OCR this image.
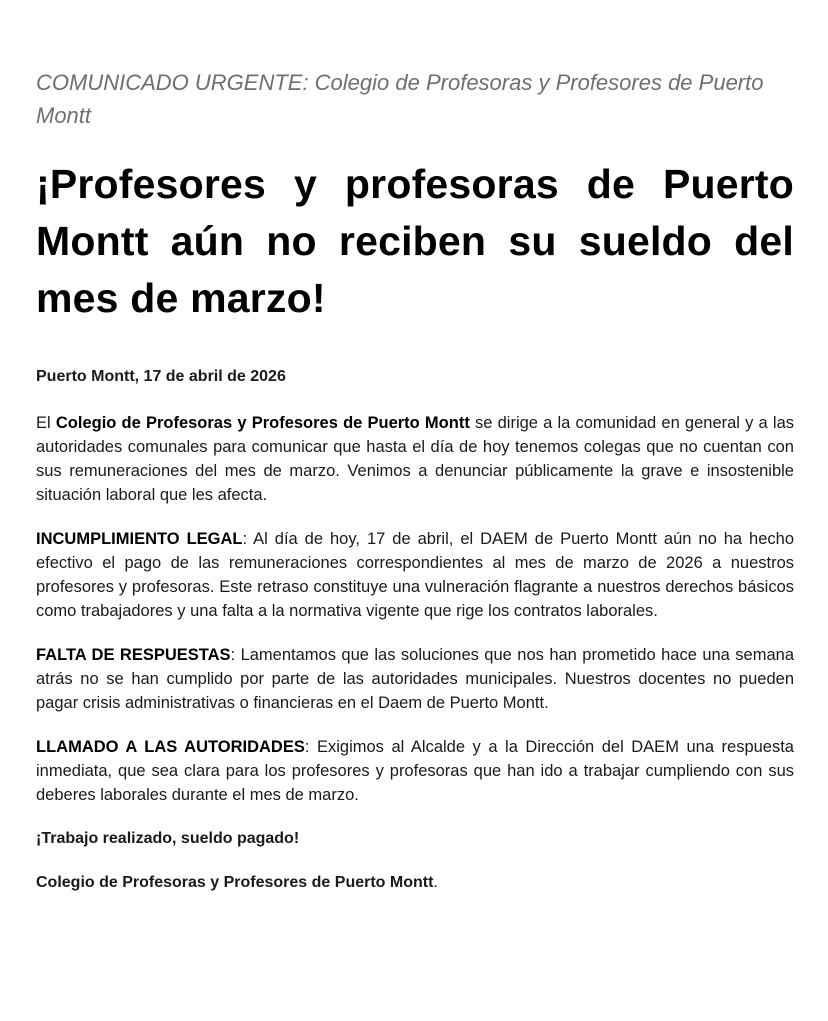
COMUNICADO URGENTE: Colegio de Profesoras y Profesores de Puerto Montt
¡Profesores y profesoras de Puerto Montt aún no reciben su sueldo del mes de marzo!
Puerto Montt, 17 de abril de 2026

El Colegio de Profesoras y Profesores de Puerto Montt se dirige a la comunidad en general y a las autoridades comunales para comunicar que hasta el día de hoy tenemos colegas que no cuentan con sus remuneraciones del mes de marzo. Venimos a denunciar públicamente la grave e insostenible situación laboral que les afecta.

INCUMPLIMIENTO LEGAL: Al día de hoy, 17 de abril, el DAEM de Puerto Montt aún no ha hecho efectivo el pago de las remuneraciones correspondientes al mes de marzo de 2026 a nuestros profesores y profesoras. Este retraso constituye una vulneración flagrante a nuestros derechos básicos como trabajadores y una falta a la normativa vigente que rige los contratos laborales.

FALTA DE RESPUESTAS: Lamentamos que las soluciones que nos han prometido hace una semana atrás no se han cumplido por parte de las autoridades municipales. Nuestros docentes no pueden pagar crisis administrativas o financieras en el Daem de Puerto Montt.

LLAMADO A LAS AUTORIDADES: Exigimos al Alcalde y a la Dirección del DAEM una respuesta inmediata, que sea clara para los profesores y profesoras que han ido a trabajar cumpliendo con sus deberes laborales durante el mes de marzo.

¡Trabajo realizado, sueldo pagado!
Colegio de Profesoras y Profesores de Puerto Montt.
